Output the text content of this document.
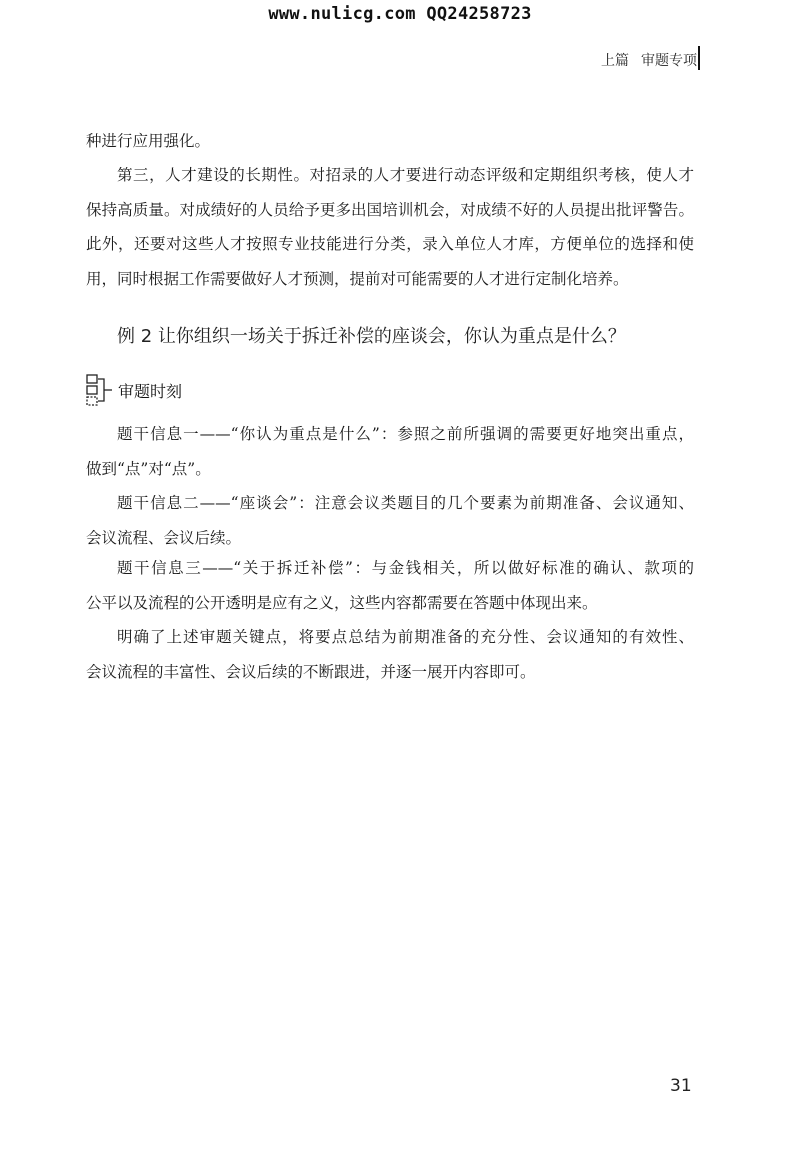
www.nulicg.com QQ24258723
上篇 审题专项

种进行应用强化。

第三，人才建设的长期性。对招录的人才要进行动态评级和定期组织考核，使人才

保持高质量。对成绩好的人员给予更多出国培训机会，对成绩不好的人员提出批评警告。

此外，还要对这些人才按照专业技能进行分类，录入单位人才库，方便单位的选择和使

用，同时根据工作需要做好人才预测，提前对可能需要的人才进行定制化培养。

例 2 让你组织一场关于拆迁补偿的座谈会，你认为重点是什么？
审题时刻

题干信息一——“你认为重点是什么”：参照之前所强调的需要更好地突出重点，

做到“点”对“点”。

题干信息二——“座谈会”：注意会议类题目的几个要素为前期准备、会议通知、

会议流程、会议后续。

题干信息三——“关于拆迁补偿”：与金钱相关，所以做好标准的确认、款项的

公平以及流程的公开透明是应有之义，这些内容都需要在答题中体现出来。

明确了上述审题关键点，将要点总结为前期准备的充分性、会议通知的有效性、

会议流程的丰富性、会议后续的不断跟进，并逐一展开内容即可。

31
